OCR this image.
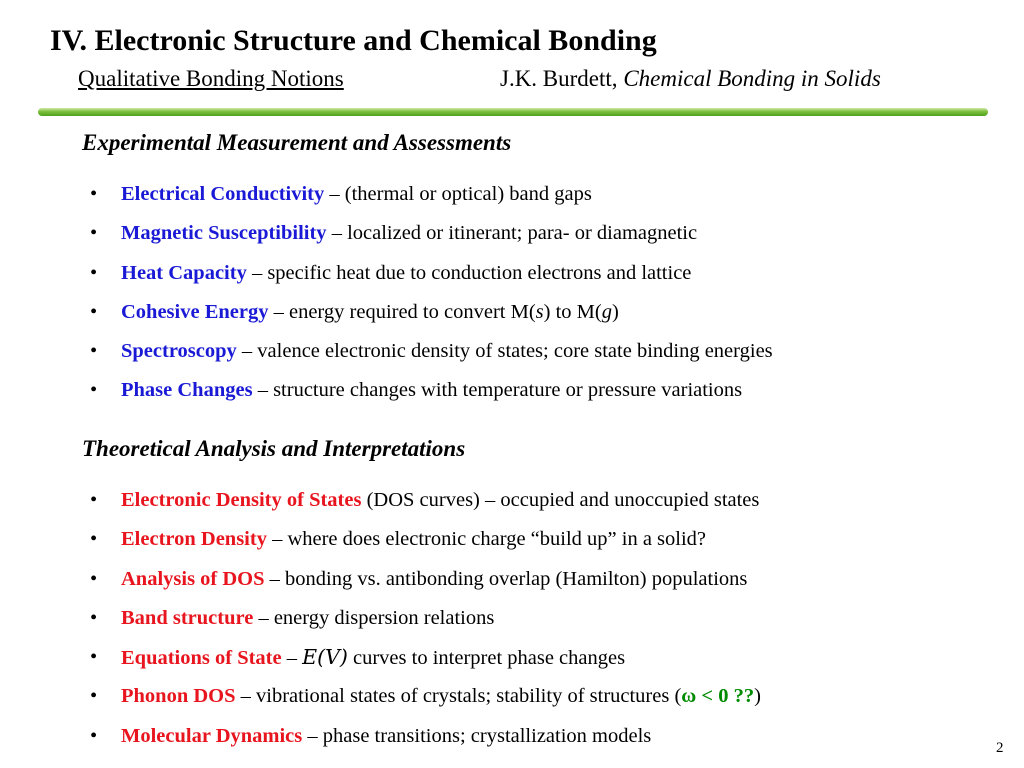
IV. Electronic Structure and Chemical Bonding
Qualitative Bonding Notions	J.K. Burdett, Chemical Bonding in Solids
Experimental Measurement and Assessments
• Electrical Conductivity – (thermal or optical) band gaps
• Magnetic Susceptibility – localized or itinerant; para- or diamagnetic
• Heat Capacity – specific heat due to conduction electrons and lattice
• Cohesive Energy – energy required to convert M(s) to M(g)
• Spectroscopy – valence electronic density of states; core state binding energies
• Phase Changes – structure changes with temperature or pressure variations
Theoretical Analysis and Interpretations
• Electronic Density of States (DOS curves) – occupied and unoccupied states
• Electron Density – where does electronic charge “build up” in a solid?
• Analysis of DOS – bonding vs. antibonding overlap (Hamilton) populations
• Band structure – energy dispersion relations
• Equations of State – E(V) curves to interpret phase changes
• Phonon DOS – vibrational states of crystals; stability of structures (ω < 0 ??)
• Molecular Dynamics – phase transitions; crystallization models
2
